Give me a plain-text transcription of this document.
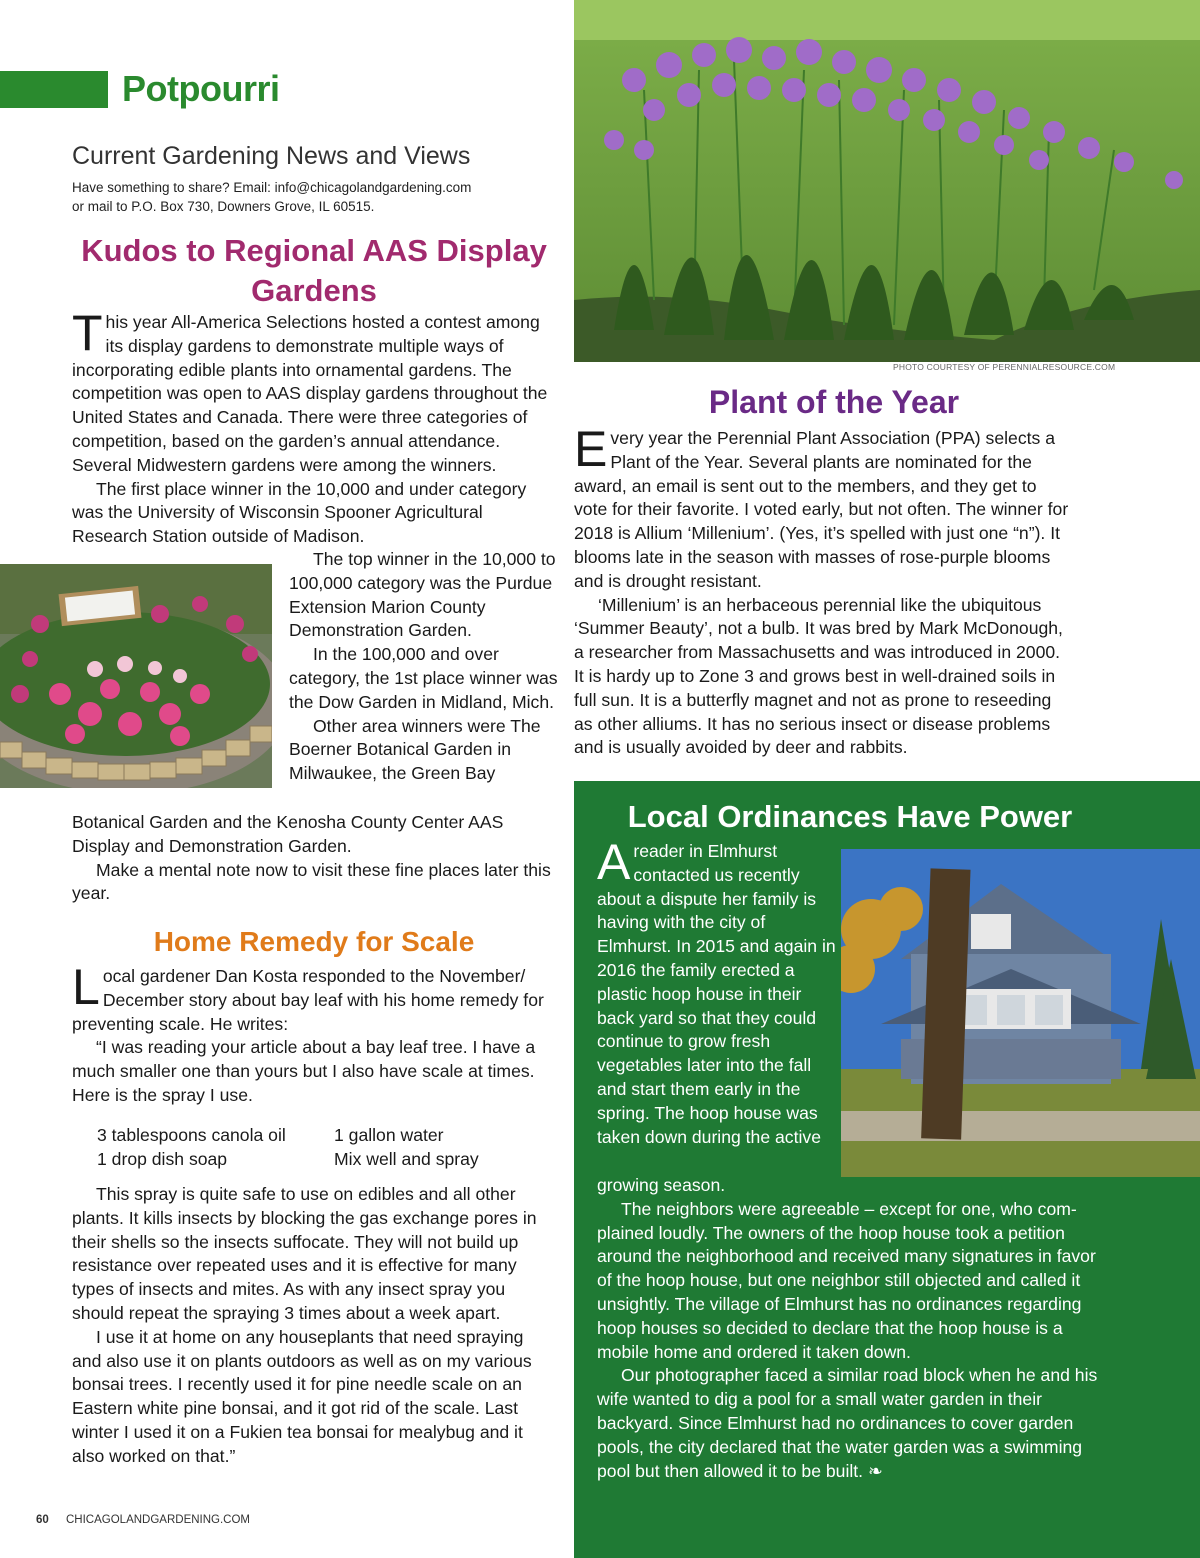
Potpourri
Current Gardening News and Views
Have something to share? Email: info@chicagolandgardening.com
or mail to P.O. Box 730, Downers Grove, IL 60515.
Kudos to Regional AAS Display Gardens

This year All-America Selections hosted a contest among its display gardens to demonstrate multiple ways of incorporating edible plants into ornamental gardens. The competition was open to AAS display gardens throughout the United States and Canada. There were three categories of competition, based on the garden’s annual attendance. Several Midwestern gardens were among the winners.

The first place winner in the 10,000 and under category was the University of Wisconsin Spooner Agricultural Research Station outside of Madison.

The top winner in the 10,000 to 100,000 category was the Purdue Extension Marion County Demonstration Garden.

In the 100,000 and over category, the 1st place winner was the Dow Garden in Midland, Mich.

Other area winners were The Boerner Botanical Garden in Milwaukee, the Green Bay

Botanical Garden and the Kenosha County Center AAS Display and Demonstration Garden.

Make a mental note now to visit these fine places later this year.

Home Remedy for Scale

Local gardener Dan Kosta responded to the November/ December story about bay leaf with his home remedy for preventing scale. He writes:

“I was reading your article about a bay leaf tree. I have a much smaller one than yours but I also have scale at times. Here is the spray I use.

3 tablespoons canola oil	1 gallon water
1 drop dish soap	Mix well and spray

This spray is quite safe to use on edibles and all other plants. It kills insects by blocking the gas exchange pores in their shells so the insects suffocate. They will not build up resistance over repeated uses and it is effective for many types of insects and mites. As with any insect spray you should repeat the spraying 3 times about a week apart.

I use it at home on any houseplants that need spraying and also use it on plants outdoors as well as on my various bonsai trees. I recently used it for pine needle scale on an Eastern white pine bonsai, and it got rid of the scale. Last winter I used it on a Fukien tea bonsai for mealybug and it also worked on that.”

60 CHICAGOLANDGARDENING.COM
PHOTO COURTESY OF PERENNIALRESOURCE.COM
Plant of the Year

Every year the Perennial Plant Association (PPA) selects a Plant of the Year. Several plants are nominated for the award, an email is sent out to the members, and they get to vote for their favorite. I voted early, but not often. The winner for 2018 is Allium ‘Millenium’. (Yes, it’s spelled with just one “n”). It blooms late in the season with masses of rose-purple blooms and is drought resistant.

‘Millenium’ is an herbaceous perennial like the ubiquitous ‘Summer Beauty’, not a bulb. It was bred by Mark McDonough, a researcher from Massachusetts and was introduced in 2000. It is hardy up to Zone 3 and grows best in well-drained soils in full sun. It is a butterfly magnet and not as prone to reseeding as other alliums. It has no serious insect or disease problems and is usually avoided by deer and rabbits.

Local Ordinances Have Power

Areader in Elmhurst contacted us recently about a dispute her family is having with the city of Elmhurst. In 2015 and again in 2016 the family erected a plastic hoop house in their back yard so that they could continue to grow fresh vegetables later into the fall and start them early in the spring. The hoop house was taken down during the active

growing season.

The neighbors were agreeable – except for one, who com-plained loudly. The owners of the hoop house took a petition around the neighborhood and received many signatures in favor of the hoop house, but one neighbor still objected and called it unsightly. The village of Elmhurst has no ordinances regarding hoop houses so decided to declare that the hoop house is a mobile home and ordered it taken down.

Our photographer faced a similar road block when he and his wife wanted to dig a pool for a small water garden in their backyard. Since Elmhurst had no ordinances to cover garden pools, the city declared that the water garden was a swimming pool but then allowed it to be built. ❧
